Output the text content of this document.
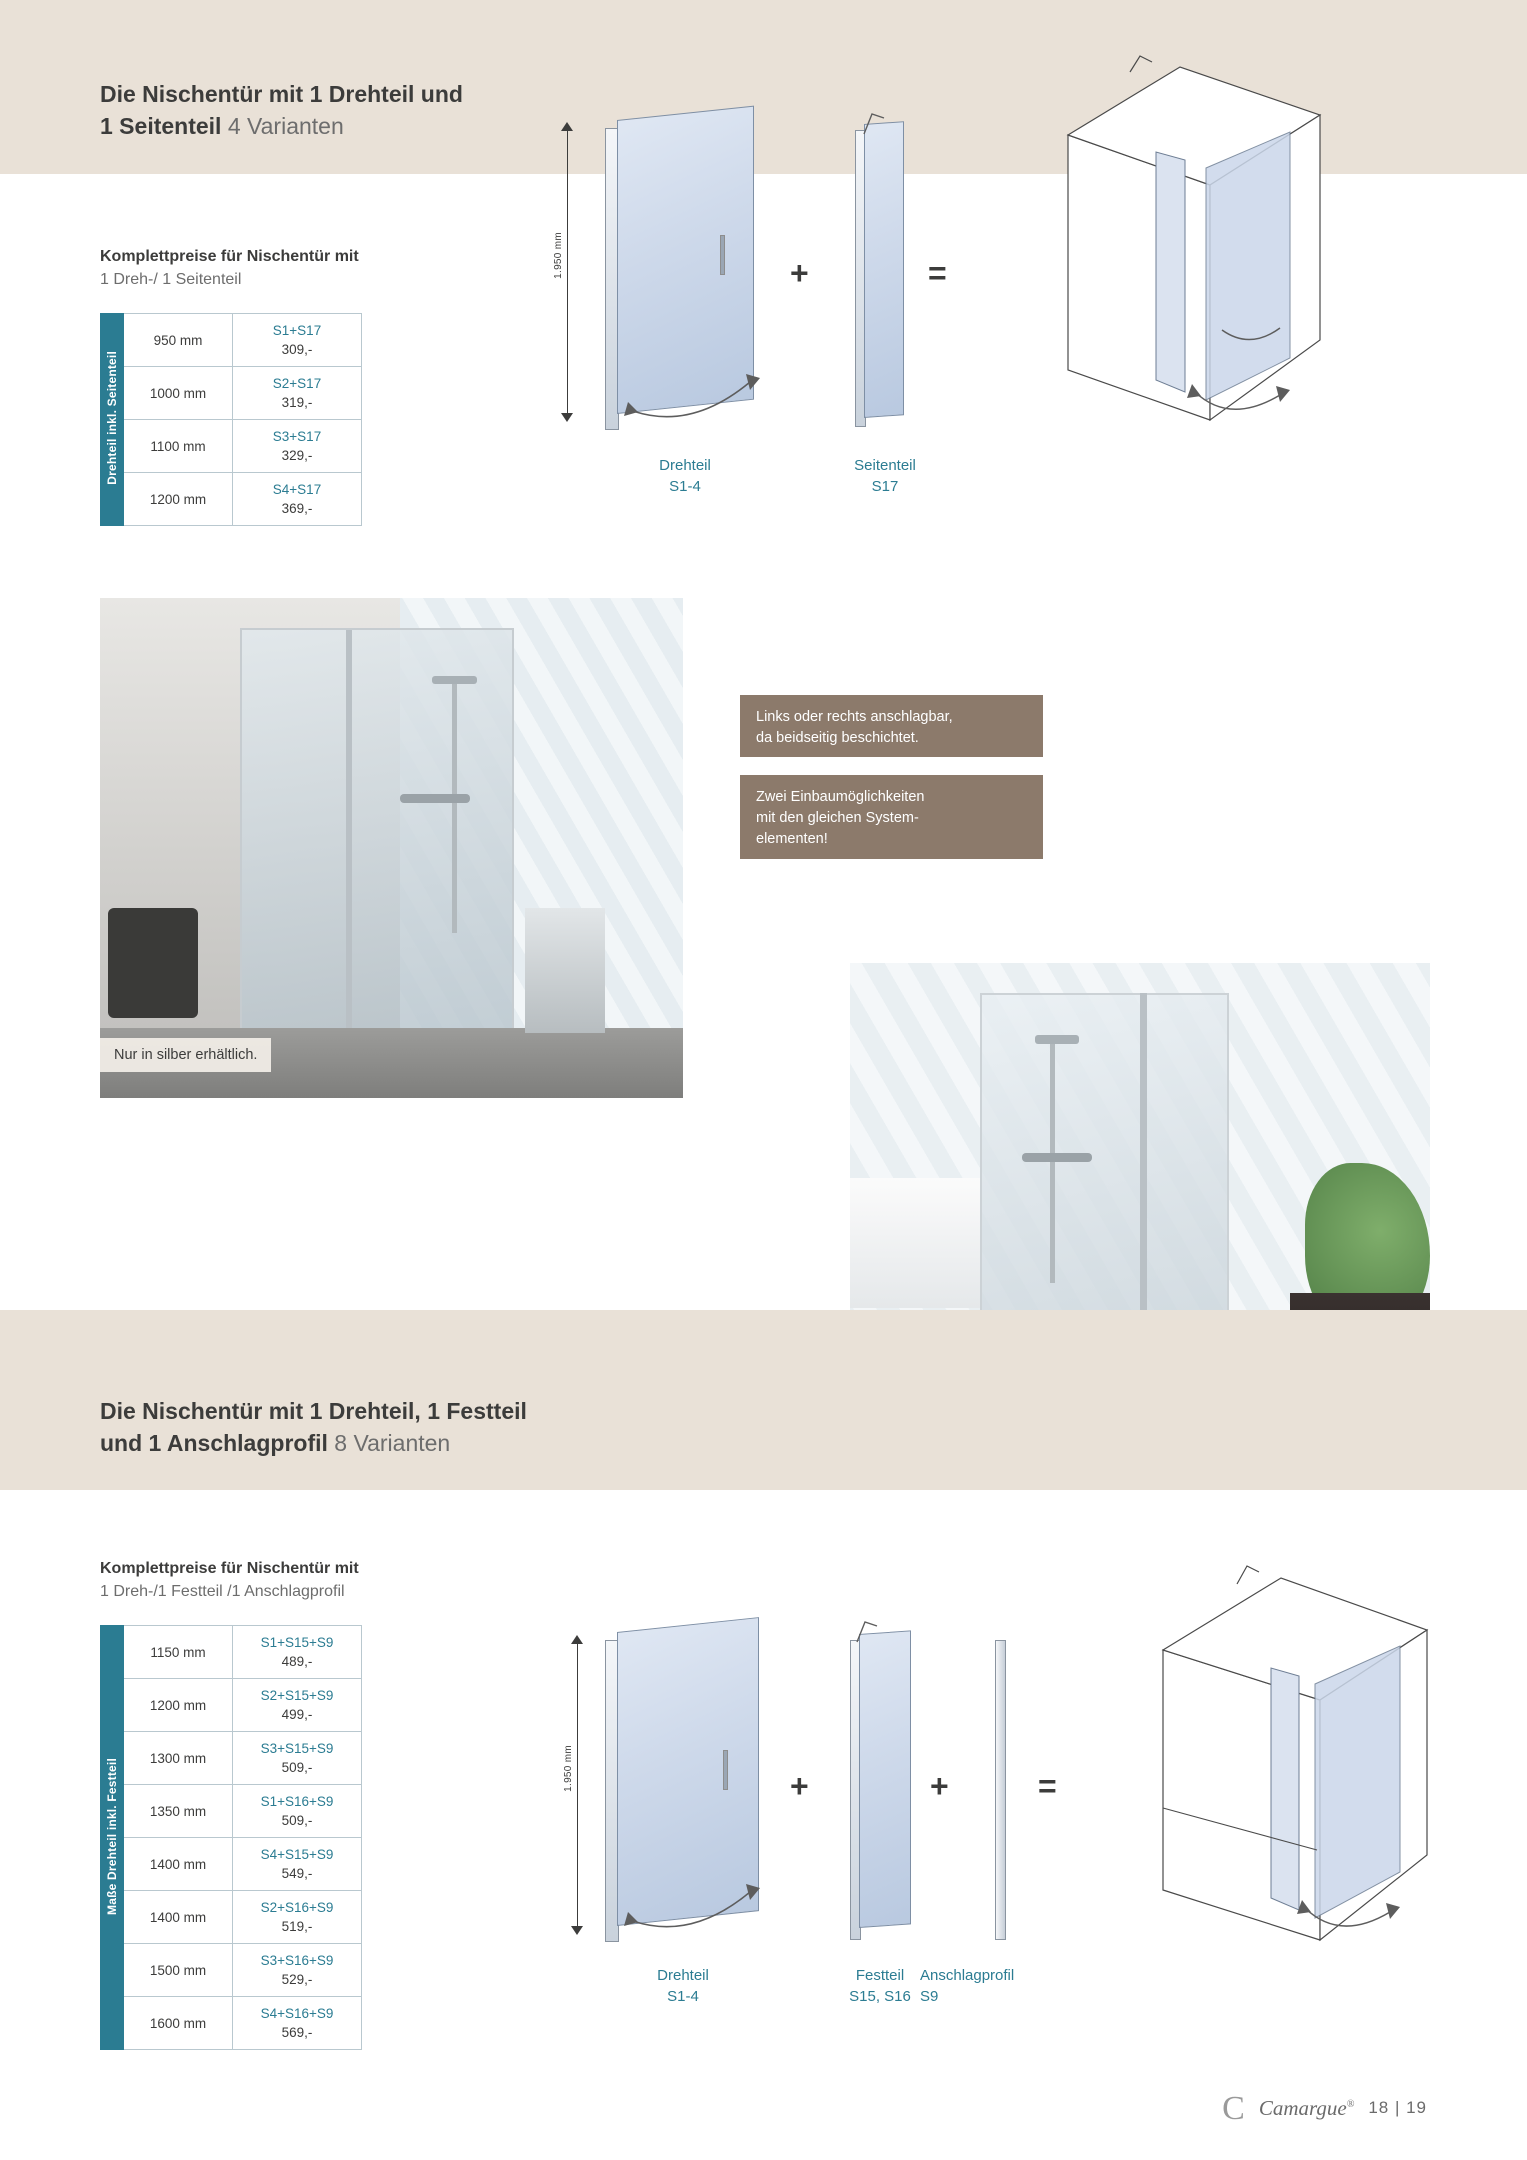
Die Nischentür mit 1 Drehteil und
1 Seitenteil 4 Varianten
Komplettpreise für Nischentür mit
1 Dreh-/ 1 Seitenteil
Drehteil inkl. Seitenteil	950 mm	S1+S17
309,-
	1000 mm	S2+S17
319,-
	1100 mm	S3+S17
329,-
	1200 mm	S4+S17
369,-
1.950 mm	+	=
Drehteil
S1-4
Seitenteil
S17
Nur in silber erhältlich.
Links oder rechts anschlagbar,
da beidseitig beschichtet.
Zwei Einbaumöglichkeiten
mit den gleichen System-
elementen!
Die Nischentür mit 1 Drehteil, 1 Festteil
und 1 Anschlagprofil 8 Varianten
Komplettpreise für Nischentür mit
1 Dreh-/1 Festteil /1 Anschlagprofil
Maße Drehteil inkl. Festteil	1150 mm	S1+S15+S9
489,-
	1200 mm	S2+S15+S9
499,-
	1300 mm	S3+S15+S9
509,-
	1350 mm	S1+S16+S9
509,-
	1400 mm	S4+S15+S9
549,-
	1400 mm	S2+S16+S9
519,-
	1500 mm	S3+S16+S9
529,-
	1600 mm	S4+S16+S9
569,-
1.950 mm	+	+	=
Drehteil
S1-4
Festteil
S15, S16
Anschlagprofil
S9
C Camargue® 18 | 19
